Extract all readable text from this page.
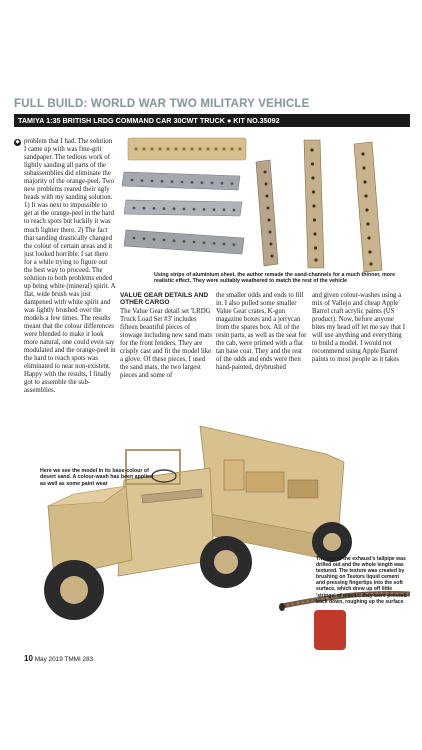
FULL BUILD: WORLD WAR TWO MILITARY VEHICLE
TAMIYA 1:35 BRITISH LRDG COMMAND CAR 30CWT TRUCK ● KIT NO.35092
Using strips of aluminium sheet, the author remade the sand-channels for a much thinner, more realistic effect. They were suitably weathered to match the rest of the vehicle
◆ problem that I had. The solution I came up with was fine-grit sandpaper. The tedious work of lightly sanding all parts of the subassemblies did eliminate the majority of the orange-peel. Two new problems reared their ugly heads with my sanding solution. 1) It was next to impossible to get at the orange-peel in the hard to reach spots but luckily it was much lighter there. 2) The fact that sanding drastically changed the colour of certain areas and it just looked horrible. I sat there for a while trying to figure out the best way to proceed. The solution to both problems ended up being white (mineral) spirit. A flat, wide brush was just dampened with white spirit and was lightly brushed over the models a few times. The results meant that the colour differences were blended to make it look more natural, one could even say modulated and the orange-peel in the hard to reach spots was eliminated to near non-existent. Happy with the results, I finally got to assemble the sub-assemblies.

VALUE GEAR DETAILS AND OTHER CARGO

The Value Gear detail set 'LRDG Truck Load Set #3' includes fifteen beautiful pieces of stowage including new sand mats for the front fenders. They are crisply cast and fit the model like a glove. Of these pieces, I used the sand mats, the two largest pieces and some of

the smaller odds and ends to fill in. I also pulled some smaller Value Gear crates, K-gun magazine boxes and a jerrycan from the spares box. All of the resin parts, as well as the seat for the cab, were primed with a flat tan base coat. They and the rest of the odds and ends were then hand-painted, drybrushed

and given colour-washes using a mix of Vallejo and cheap Apple Barrel craft acrylic paints (US product). Now, before anyone bites my head off let me say that I will use anything and everything to build a model. I would not recommend using Apple Barrel paints to most people as it takes

Here we see the model in its base-colour of desert sand. A colour-wash has been applied as well as some paint wear
The end of the exhaust's tailpipe was drilled out and the whole length was textured. The texture was created by brushing on Testors liquid cement and pressing fingertips into the soft surface, which drew up off little 'strings' of plastic; they were pressed back down, roughing up the surface
10 May 2019 TMMI 283
